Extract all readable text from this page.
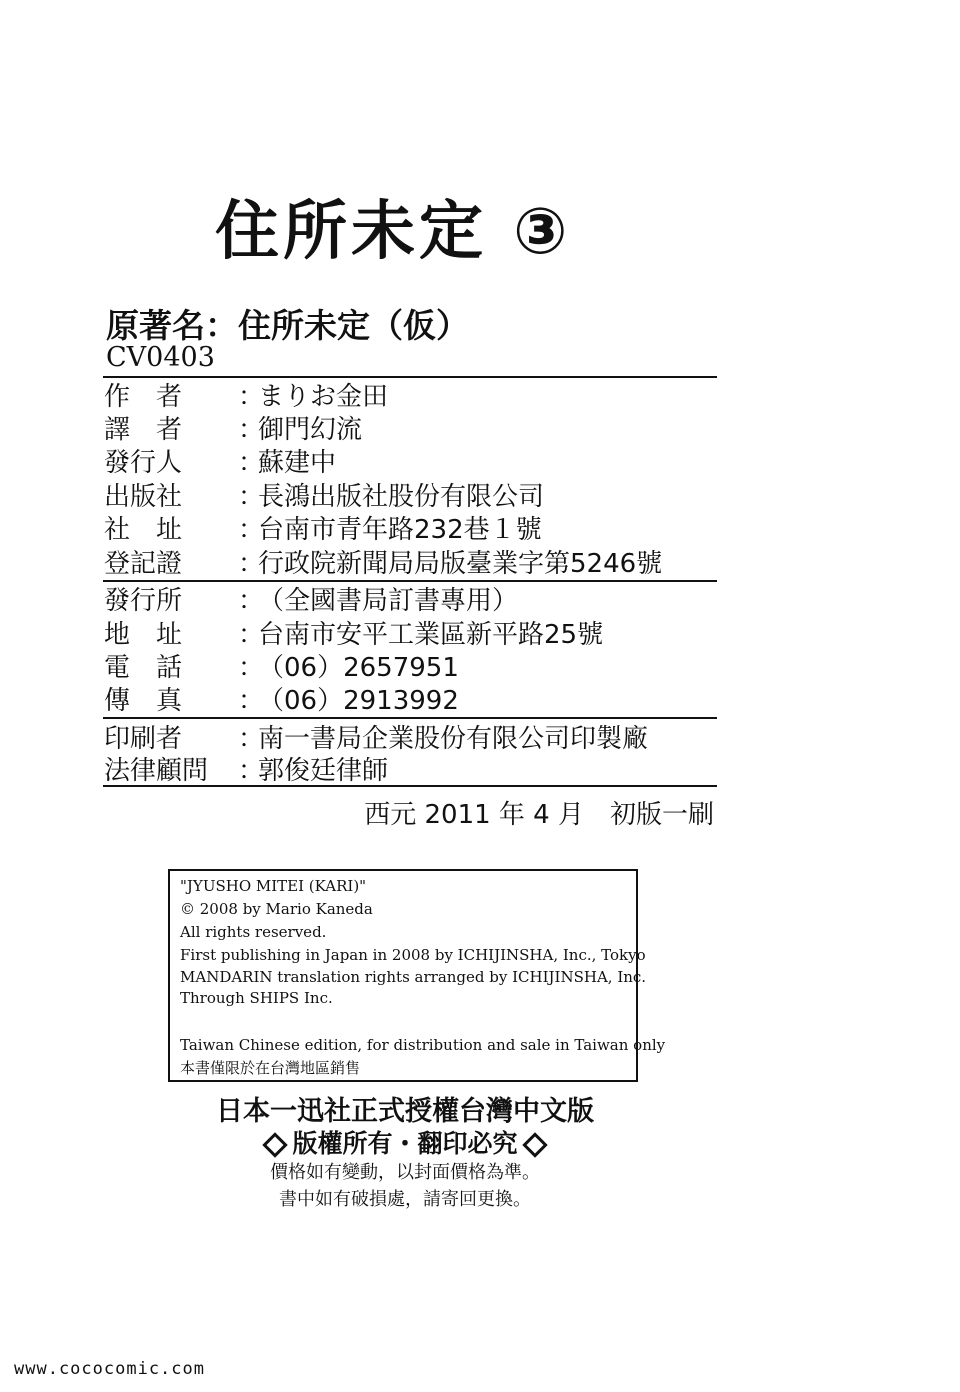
住所未定 ③
原著名：住所未定（仮）
CV0403
作　者	：
まりお金田
譯　者	：
御門幻流
發行人	：
蘇建中
出版社	：
長鴻出版社股份有限公司
社　址	：
台南市青年路232巷１號
登記證	：
行政院新聞局局版臺業字第5246號
發行所	：
（全國書局訂書專用）
地　址	：
台南市安平工業區新平路25號
電　話	：
（06）2657951
傳　真	：
（06）2913992
印刷者	：
南一書局企業股份有限公司印製廠
法律顧問	：
郭俊廷律師
西元 2011 年 4 月　初版一刷
"JYUSHO MITEI (KARI)"
© 2008 by Mario Kaneda
All rights reserved.
First publishing in Japan in 2008 by ICHIJINSHA, Inc., Tokyo
MANDARIN translation rights arranged by ICHIJINSHA, Inc.
Through SHIPS Inc.
Taiwan Chinese edition, for distribution and sale in Taiwan only
本書僅限於在台灣地區銷售
日本一迅社正式授權台灣中文版
版權所有・翻印必究
價格如有變動，以封面價格為準。
書中如有破損處，請寄回更換。
www.cococomic.com
